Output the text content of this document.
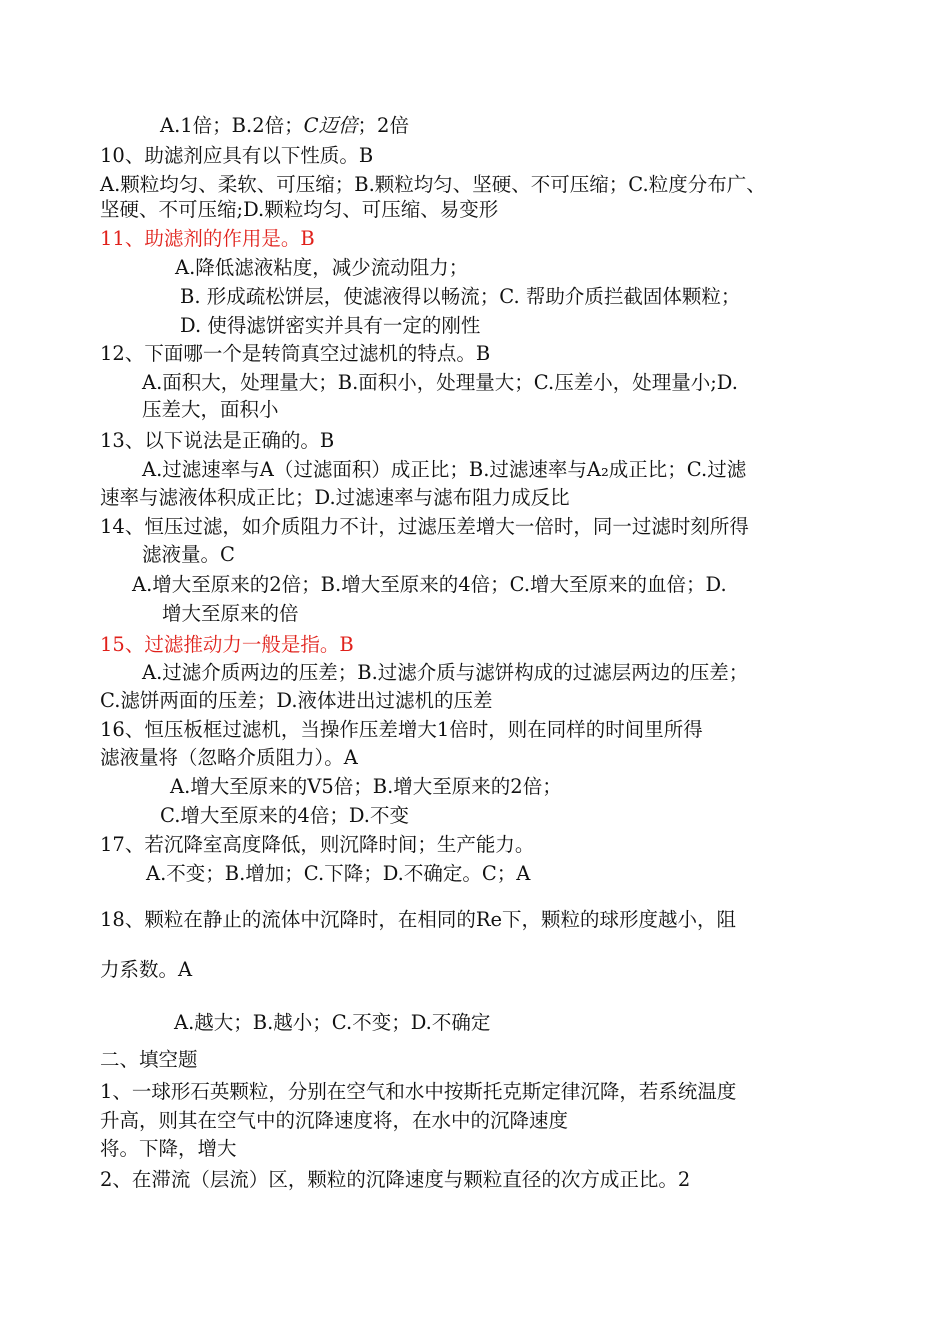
A.1倍；B.2倍；C迈倍；2倍
10、助滤剂应具有以下性质。B
A.颗粒均匀、柔软、可压缩；B.颗粒均匀、坚硬、不可压缩；C.粒度分布广、
坚硬、不可压缩;D.颗粒均匀、可压缩、易变形
11、助滤剂的作用是。B
A.降低滤液粘度，减少流动阻力；
B. 形成疏松饼层，使滤液得以畅流；C. 帮助介质拦截固体颗粒；
D. 使得滤饼密实并具有一定的刚性
12、下面哪一个是转筒真空过滤机的特点。B
A.面积大，处理量大；B.面积小，处理量大；C.压差小，处理量小;D.
压差大，面积小
13、以下说法是正确的。B
A.过滤速率与A（过滤面积）成正比；B.过滤速率与A₂成正比；C.过滤
速率与滤液体积成正比；D.过滤速率与滤布阻力成反比
14、恒压过滤，如介质阻力不计，过滤压差增大一倍时，同一过滤时刻所得
滤液量。C
A.增大至原来的2倍；B.增大至原来的4倍；C.增大至原来的血倍；D.
增大至原来的倍
15、过滤推动力一般是指。B
A.过滤介质两边的压差；B.过滤介质与滤饼构成的过滤层两边的压差；
C.滤饼两面的压差；D.液体进出过滤机的压差
16、恒压板框过滤机，当操作压差增大1倍时，则在同样的时间里所得
滤液量将（忽略介质阻力）。A
A.增大至原来的V5倍；B.增大至原来的2倍；
C.增大至原来的4倍；D.不变
17、若沉降室高度降低，则沉降时间；生产能力。
A.不变；B.增加；C.下降；D.不确定。C；A
18、颗粒在静止的流体中沉降时，在相同的Re下，颗粒的球形度越小，阻
力系数。A
A.越大；B.越小；C.不变；D.不确定
二、填空题
1、一球形石英颗粒，分别在空气和水中按斯托克斯定律沉降，若系统温度
升高，则其在空气中的沉降速度将，在水中的沉降速度
将。下降，增大
2、在滞流（层流）区，颗粒的沉降速度与颗粒直径的次方成正比。2
